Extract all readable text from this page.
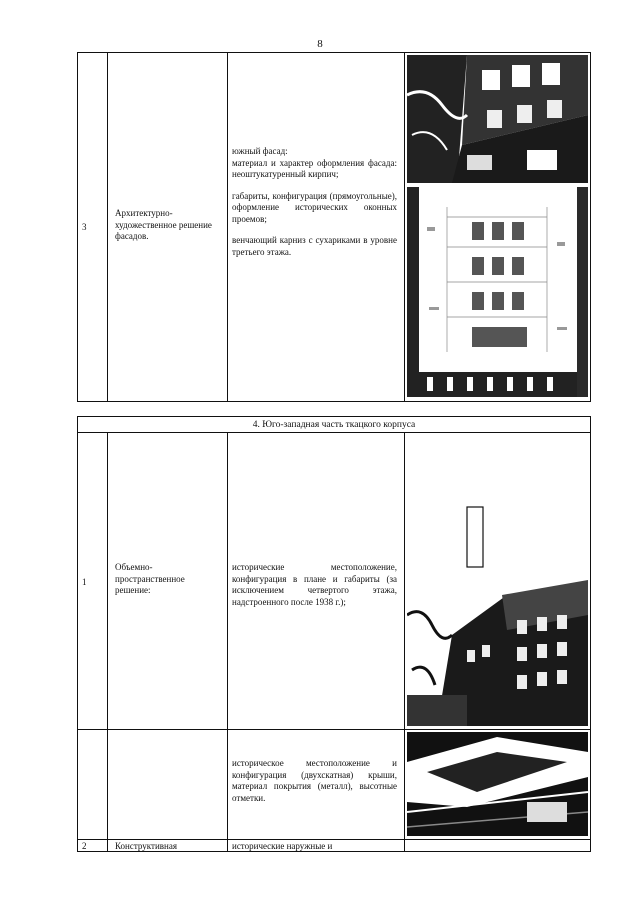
8
3
Архитектурно-художественное решение фасадов.

южный фасад:

материал и характер оформления фасада: неоштукатуренный кирпич;

габариты, конфигурация (прямоугольные), оформление исторических оконных проемов;

венчающий карниз с сухариками в уровне третьего этажа.

4. Юго-западная часть ткацкого корпуса
1
Объемно-пространственное решение:
исторические местоположение, конфигурация в плане и габариты (за исключением четвертого этажа, надстроенного после 1938 г.);
историческое местоположение и конфигурация (двухскатная) крыши, материал покрытия (металл), высотные отметки.
2	Конструктивная	исторические наружные и
